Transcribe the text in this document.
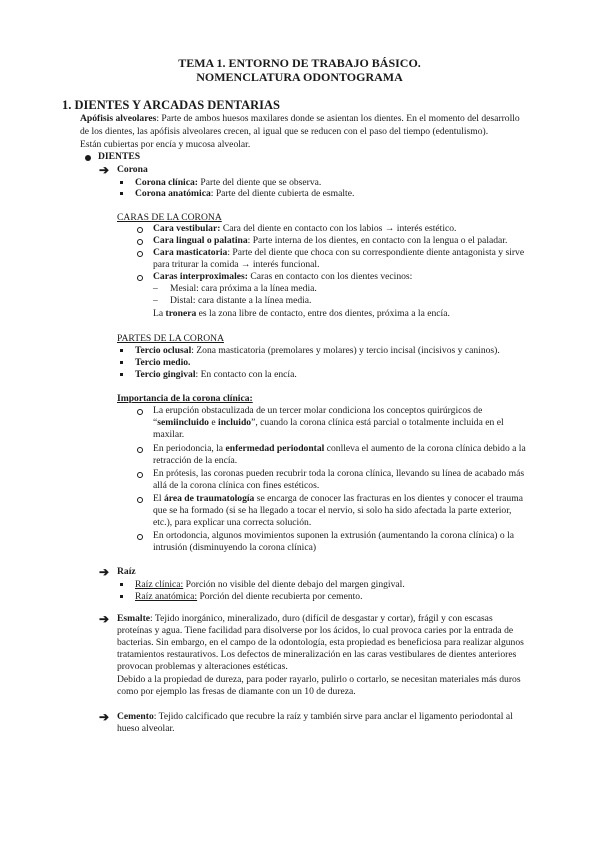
TEMA 1. ENTORNO DE TRABAJO BÁSICO.
NOMENCLATURA ODONTOGRAMA
1. DIENTES Y ARCADAS DENTARIAS
Apófisis alveolares: Parte de ambos huesos maxilares donde se asientan los dientes. En el momento del desarrollo
de los dientes, las apófisis alveolares crecen, al igual que se reducen con el paso del tiempo (edentulismo).
Están cubiertas por encía y mucosa alveolar.
DIENTES
➔ Corona
Corona clínica: Parte del diente que se observa.
Corona anatómica: Parte del diente cubierta de esmalte.
CARAS DE LA CORONA
Cara vestibular: Cara del diente en contacto con los labios → interés estético.
Cara lingual o palatina: Parte interna de los dientes, en contacto con la lengua o el paladar.
Cara masticatoria: Parte del diente que choca con su correspondiente diente antagonista y sirve
para triturar la comida → interés funcional.
Caras interproximales: Caras en contacto con los dientes vecinos:
– Mesial: cara próxima a la línea media.
– Distal: cara distante a la línea media.
La tronera es la zona libre de contacto, entre dos dientes, próxima a la encía.
PARTES DE LA CORONA
Tercio oclusal: Zona masticatoria (premolares y molares) y tercio incisal (incisivos y caninos).
Tercio medio.
Tercio gingival: En contacto con la encía.
Importancia de la corona clínica:
La erupción obstaculizada de un tercer molar condiciona los conceptos quirúrgicos de
“semiincluido e incluido”, cuando la corona clínica está parcial o totalmente incluida en el
maxilar.
En periodoncia, la enfermedad periodontal conlleva el aumento de la corona clínica debido a la
retracción de la encía.
En prótesis, las coronas pueden recubrir toda la corona clínica, llevando su línea de acabado más
allá de la corona clínica con fines estéticos.
El área de traumatología se encarga de conocer las fracturas en los dientes y conocer el trauma
que se ha formado (si se ha llegado a tocar el nervio, si solo ha sido afectada la parte exterior,
etc.), para explicar una correcta solución.
En ortodoncia, algunos movimientos suponen la extrusión (aumentando la corona clínica) o la
intrusión (disminuyendo la corona clínica)
➔ Raíz
Raíz clínica: Porción no visible del diente debajo del margen gingival.
Raíz anatómica: Porción del diente recubierta por cemento.
➔ Esmalte: Tejido inorgánico, mineralizado, duro (difícil de desgastar y cortar), frágil y con escasas
proteínas y agua. Tiene facilidad para disolverse por los ácidos, lo cual provoca caries por la entrada de
bacterias. Sin embargo, en el campo de la odontología, esta propiedad es beneficiosa para realizar algunos
tratamientos restaurativos. Los defectos de mineralización en las caras vestibulares de dientes anteriores
provocan problemas y alteraciones estéticas.
Debido a la propiedad de dureza, para poder rayarlo, pulirlo o cortarlo, se necesitan materiales más duros
como por ejemplo las fresas de diamante con un 10 de dureza.
➔ Cemento: Tejido calcificado que recubre la raíz y también sirve para anclar el ligamento periodontal al
hueso alveolar.
